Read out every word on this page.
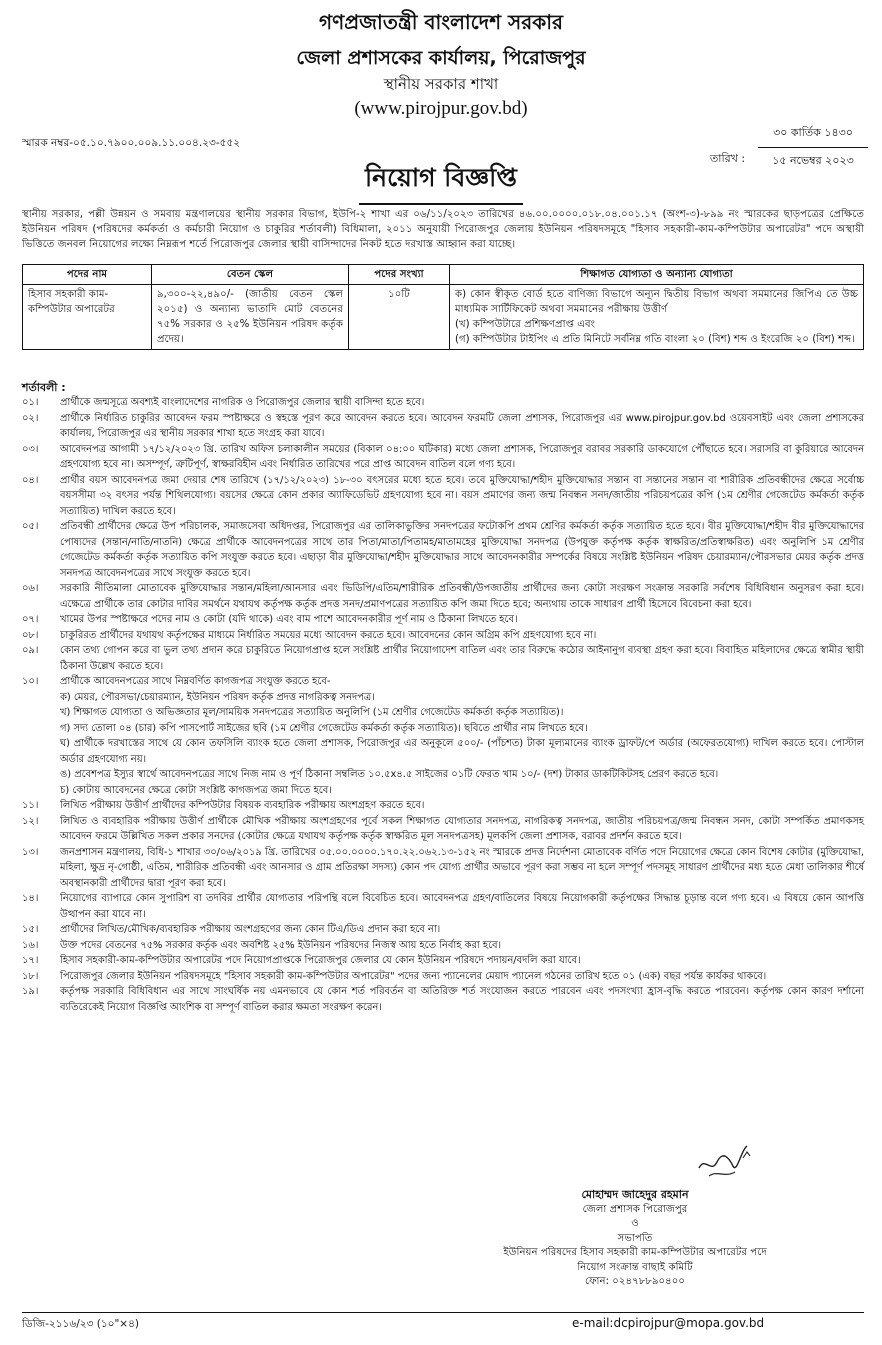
গণপ্রজাতন্ত্রী বাংলাদেশ সরকার
জেলা প্রশাসকের কার্যালয়, পিরোজপুর
স্থানীয় সরকার শাখা
(www.pirojpur.gov.bd)
স্মারক নম্বর-০৫.১০.৭৯০০.০০৯.১১.০০৪.২৩-৫৫২
তারিখ :
৩০ কার্তিক ১৪৩০
১৫ নভেম্বর ২০২৩
নিয়োগ বিজ্ঞপ্তি
স্থানীয় সরকার, পল্লী উন্নয়ন ও সমবায় মন্ত্রণালয়ের স্থানীয় সরকার বিভাগ, ইউপি-২ শাখা এর ০৬/১১/২০২৩ তারিখের ৪৬.০০.০০০০.০১৮.০৪.০০১.১৭ (অংশ-৩)-৮৯৯ নং স্মারকের ছাড়পত্রের প্রেক্ষিতে ইউনিয়ন পরিষদ (পরিষদের কর্মকর্তা ও কর্মচারী নিয়োগ ও চাকুরির শর্তাবলী) বিধিমালা, ২০১১ অনুযায়ী পিরোজপুর জেলায় ইউনিয়ন পরিষদসমূহে "হিসাব সহকারী-কাম-কম্পিউটার অপারেটর" পদে অস্থায়ী ভিত্তিতে জনবল নিয়োগের লক্ষ্যে নিম্নরূপ শর্তে পিরোজপুর জেলার স্থায়ী বাসিন্দাদের নিকট হতে দরখাস্ত আহ্বান করা যাচ্ছে।
পদের নাম	বেতন স্কেল	পদের সংখ্যা	শিক্ষাগত যোগ্যতা ও অন্যান্য যোগ্যতা
হিসাব সহকারী কাম-কম্পিউটার অপারেটর	৯,৩০০-২২,৪৯০/- (জাতীয় বেতন স্কেল ২০১৫) ও অন্যান্য ভাতাদি মোট বেতনের ৭৫% সরকার ও ২৫% ইউনিয়ন পরিষদ কর্তৃক প্রদেয়।	১০টি	ক) কোন স্বীকৃত বোর্ড হতে বাণিজ্য বিভাগে অন্যূন দ্বিতীয় বিভাগ অথবা সমমানের জিপিএ তে উচ্চ মাধ্যমিক সার্টিফিকেট অথবা সমমানের পরীক্ষায় উত্তীর্ণ
(খ) কম্পিউটারে প্রশিক্ষণপ্রাপ্ত এবং
(গ) কম্পিউটার টাইপিং এ প্রতি মিনিটে সর্বনিম্ন গতি বাংলা ২০ (বিশ) শব্দ ও ইংরেজি ২০ (বিশ) শব্দ।
শর্তাবলী :
০১।	প্রার্থীকে জন্মসূত্রে অবশ্যই বাংলাদেশের নাগরিক ও পিরোজপুর জেলার স্থায়ী বাসিন্দা হতে হবে।
০২।	প্রার্থীকে নির্ধারিত চাকুরির আবেদন ফরম স্পষ্টাক্ষরে ও স্বহস্তে পূরণ করে আবেদন করতে হবে। আবেদন ফরমটি জেলা প্রশাসক, পিরোজপুর এর www.pirojpur.gov.bd ওয়েবসাইট এবং জেলা প্রশাসকের কার্যালয়, পিরোজপুর এর স্থানীয় সরকার শাখা হতে সংগ্রহ করা যাবে।
০৩।	আবেদনপত্র আগামী ১৭/১২/২০২৩ খ্রি. তারিখ অফিস চলাকালীন সময়ের (বিকাল ০৪:০০ ঘটিকার) মধ্যে জেলা প্রশাসক, পিরোজপুর বরাবর সরকারি ডাকযোগে পৌঁছাতে হবে। সরাসরি বা কুরিয়ারে আবেদন গ্রহণযোগ্য হবে না। অসম্পূর্ণ, ত্রুটিপূর্ণ, স্বাক্ষরবিহীন এবং নির্ধারিত তারিখের পরে প্রাপ্ত আবেদন বাতিল বলে গণ্য হবে।
০৪।	প্রার্থীর বয়স আবেদনপত্র জমা দেয়ার শেষ তারিখে (১৭/১২/২০২৩) ১৮-৩০ বৎসরের মধ্যে হতে হবে। তবে মুক্তিযোদ্ধা/শহীদ মুক্তিযোদ্ধার সন্তান বা সন্তানের সন্তান বা শারীরিক প্রতিবন্ধীদের ক্ষেত্রে সর্বোচ্চ বয়সসীমা ৩২ বৎসর পর্যন্ত শিথিলযোগ্য। বয়সের ক্ষেত্রে কোন প্রকার অ্যাফিডেভিট গ্রহণযোগ্য হবে না। বয়স প্রমাণের জন্য জন্ম নিবন্ধন সনদ/জাতীয় পরিচয়পত্রের কপি (১ম শ্রেণীর গেজেটেড কর্মকর্তা কর্তৃক সত্যায়িত) দাখিল করতে হবে।
০৫।	প্রতিবন্ধী প্রার্থীদের ক্ষেত্রে উপ পরিচালক, সমাজসেবা অধিদপ্তর, পিরোজপুর এর তালিকাভুক্তির সনদপত্রের ফটোকপি প্রথম শ্রেণির কর্মকর্তা কর্তৃক সত্যায়িত হতে হবে। বীর মুক্তিযোদ্ধা/শহীদ বীর মুক্তিযোদ্ধাদের পোষ্যদের (সন্তান/নাতি/নাতনি) ক্ষেত্রে প্রার্থীকে আবেদনপত্রের সাথে তার পিতা/মাতা/পিতামহ/মাতামহের মুক্তিযোদ্ধা সনদপত্র (উপযুক্ত কর্তৃপক্ষ কর্তৃক স্বাক্ষরিত/প্রতিস্বাক্ষরিত) এবং অনুলিপি ১ম শ্রেণীর গেজেটেড কর্মকর্তা কর্তৃক সত্যায়িত কপি সংযুক্ত করতে হবে। এছাড়া বীর মুক্তিযোদ্ধা/শহীদ মুক্তিযোদ্ধার সাথে আবেদনকারীর সম্পর্কের বিষয়ে সংশ্লিষ্ট ইউনিয়ন পরিষদ চেয়ারম্যান/পৌরসভার মেয়র কর্তৃক প্রদত্ত সনদপত্র আবেদনপত্রের সাথে সংযুক্ত করতে হবে।
০৬।	সরকারি নীতিমালা মোতাবেক মুক্তিযোদ্ধার সন্তান/মহিলা/আনসার এবং ভিডিপি/এতিম/শারীরিক প্রতিবন্ধী/উপজাতীয় প্রার্থীদের জন্য কোটা সংরক্ষণ সংক্রান্ত সরকারি সর্বশেষ বিধিবিধান অনুসরণ করা হবে। এক্ষেত্রে প্রার্থীকে তার কোটার দাবির সমর্থনে যথাযথ কর্তৃপক্ষ কর্তৃক প্রদত্ত সনদ/প্রমাণপত্রের সত্যায়িত কপি জমা দিতে হবে; অন্যথায় তাকে সাধারণ প্রার্থী হিসেবে বিবেচনা করা হবে।
০৭।	খামের উপর স্পষ্টাক্ষরে পদের নাম ও কোটা (যদি থাকে) এবং বাম পাশে আবেদনকারীর পূর্ণ নাম ও ঠিকানা লিখতে হবে।
০৮।	চাকুরিরত প্রার্থীদের যথাযথ কর্তৃপক্ষের মাধ্যমে নির্ধারিত সময়ের মধ্যে আবেদন করতে হবে। আবেদনের কোন অগ্রিম কপি গ্রহণযোগ্য হবে না।
০৯।	কোন তথ্য গোপন করে বা ভুল তথ্য প্রদান করে চাকুরিতে নিয়োগপ্রাপ্ত হলে সংশ্লিষ্ট প্রার্থীর নিয়োগাদেশ বাতিল এবং তার বিরুদ্ধে কঠোর আইনানুগ ব্যবস্থা গ্রহণ করা হবে। বিবাহিত মহিলাদের ক্ষেত্রে স্বামীর স্থায়ী ঠিকানা উল্লেখ করতে হবে।
১০।	প্রার্থীকে আবেদনপত্রের সাথে নিম্নবর্ণিত কাগজপত্র সংযুক্ত করতে হবে-
ক) মেয়র, পৌরসভা/চেয়ারম্যান, ইউনিয়ন পরিষদ কর্তৃক প্রদত্ত নাগরিকত্ব সনদপত্র।
খ) শিক্ষাগত যোগ্যতা ও অভিজ্ঞতার মূল/সাময়িক সনদপত্রের সত্যায়িত অনুলিপি (১ম শ্রেণীর গেজেটেড কর্মকর্তা কর্তৃক সত্যায়িত)।
গ) সদ্য তোলা ০৪ (চার) কপি পাসপোর্ট সাইজের ছবি (১ম শ্রেণীর গেজেটেড কর্মকর্তা কর্তৃক সত্যায়িত)। ছবিতে প্রার্থীর নাম লিখতে হবে।
ঘ) প্রার্থীকে দরখাস্তের সাথে যে কোন তফসিলি ব্যাংক হতে জেলা প্রশাসক, পিরোজপুর এর অনুকূলে ৫০০/- (পাঁচশত) টাকা মূল্যমানের ব্যাংক ড্রাফট/পে অর্ডার (অফেরতযোগ্য) দাখিল করতে হবে। পোস্টাল অর্ডার গ্রহণযোগ্য নয়।
ঙ) প্রবেশপত্র ইস্যুর স্বার্থে আবেদনপত্রের সাথে নিজ নাম ও পূর্ণ ঠিকানা সম্বলিত ১০.৫x৪.৫ সাইজের ০১টি ফেরত খাম ১০/- (দশ) টাকার ডাকটিকিটসহ প্রেরণ করতে হবে।
চ) কোটায় আবেদনের ক্ষেত্রে কোটা সংশ্লিষ্ট কাগজপত্র জমা দিতে হবে।
১১।	লিখিত পরীক্ষায় উত্তীর্ণ প্রার্থীদের কম্পিউটার বিষয়ক ব্যবহারিক পরীক্ষায় অংশগ্রহণ করতে হবে।
১২।	লিখিত ও ব্যবহারিক পরীক্ষায় উত্তীর্ণ প্রার্থীকে মৌখিক পরীক্ষায় অংশগ্রহণের পূর্বে সকল শিক্ষাগত যোগ্যতার সনদপত্র, নাগরিকত্ব সনদপত্র, জাতীয় পরিচয়পত্র/জন্ম নিবন্ধন সনদ, কোটা সম্পর্কিত প্রমাণকসহ আবেদন ফরমে উল্লিখিত সকল প্রকার সনদের (কোটার ক্ষেত্রে যথাযথ কর্তৃপক্ষ কর্তৃক স্বাক্ষরিত মূল সনদপত্রসহ) মূলকপি জেলা প্রশাসক, বরাবর প্রদর্শন করতে হবে।
১৩।	জনপ্রশাসন মন্ত্রণালয়, বিধি-১ শাখার ৩০/০৬/২০১৯ খ্রি. তারিখের ০৫.০০.০০০০.১৭০.২২.০৬২.১৩-১৫২ নং স্মারকে প্রদত্ত নির্দেশনা মোতাবেক বর্ণিত পদে নিয়োগের ক্ষেত্রে কোন বিশেষ কোটার (মুক্তিযোদ্ধা, মহিলা, ক্ষুদ্র নৃ-গোষ্ঠী, এতিম, শারীরিক প্রতিবন্ধী এবং আনসার ও গ্রাম প্রতিরক্ষা সদস্য) কোন পদ যোগ্য প্রার্থীর অভাবে পূরণ করা সম্ভব না হলে সম্পূর্ণ পদসমূহ সাধারণ প্রার্থীদের মধ্য হতে মেধা তালিকার শীর্ষে অবস্থানকারী প্রার্থীদের দ্বারা পূরণ করা হবে।
১৪।	নিয়োগের ব্যাপারে কোন সুপারিশ বা তদবির প্রার্থীর যোগ্যতার পরিপন্থি বলে বিবেচিত হবে। আবেদনপত্র গ্রহণ/বাতিলের বিষয়ে নিয়োগকারী কর্তৃপক্ষের সিদ্ধান্ত চূড়ান্ত বলে গণ্য হবে। এ বিষয়ে কোন আপত্তি উত্থাপন করা যাবে না।
১৫।	প্রার্থীদের লিখিত/মৌখিক/ব্যবহারিক পরীক্ষায় অংশগ্রহণের জন্য কোন টিএ/ডিএ প্রদান করা হবে না।
১৬।	উক্ত পদের বেতনের ৭৫% সরকার কর্তৃক এবং অবশিষ্ট ২৫% ইউনিয়ন পরিষদের নিজস্ব আয় হতে নির্বাহ করা হবে।
১৭।	হিসাব সহকারী-কাম-কম্পিউটার অপারেটর পদে নিয়োগপ্রাপ্তকে পিরোজপুর জেলার যে কোন ইউনিয়ন পরিষদে পদায়ন/বদলি করা যাবে।
১৮।	পিরোজপুর জেলার ইউনিয়ন পরিষদসমূহে "হিসাব সহকারী কাম-কম্পিউটার অপারেটর" পদের জন্য প্যানেলের মেয়াদ প্যানেল গঠনের তারিখ হতে ০১ (এক) বছর পর্যন্ত কার্যকর থাকবে।
১৯।	কর্তৃপক্ষ সরকারি বিধিবিধান এর সাথে সাংঘর্ষিক নয় এমনভাবে যে কোন শর্ত পরিবর্তন বা অতিরিক্ত শর্ত সংযোজন করতে পারবেন এবং পদসংখ্যা হ্রাস-বৃদ্ধি করতে পারবেন। কর্তৃপক্ষ কোন কারণ দর্শানো ব্যতিরেকেই নিয়োগ বিজ্ঞপ্তি আংশিক বা সম্পূর্ণ বাতিল করার ক্ষমতা সংরক্ষণ করেন।
মোহাম্মদ জাহেদুর রহমান
জেলা প্রশাসক পিরোজপুর
ও
সভাপতি
ইউনিয়ন পরিষদের হিসাব সহকারী কাম-কম্পিউটার অপারেটর পদে
নিয়োগ সংক্রান্ত বাছাই কমিটি
ফোন: ০২৪৭৮৮৯০৪০০
ডিজি-২১১৬/২৩ (১০"×৪)	e-mail:dcpirojpur@mopa.gov.bd
